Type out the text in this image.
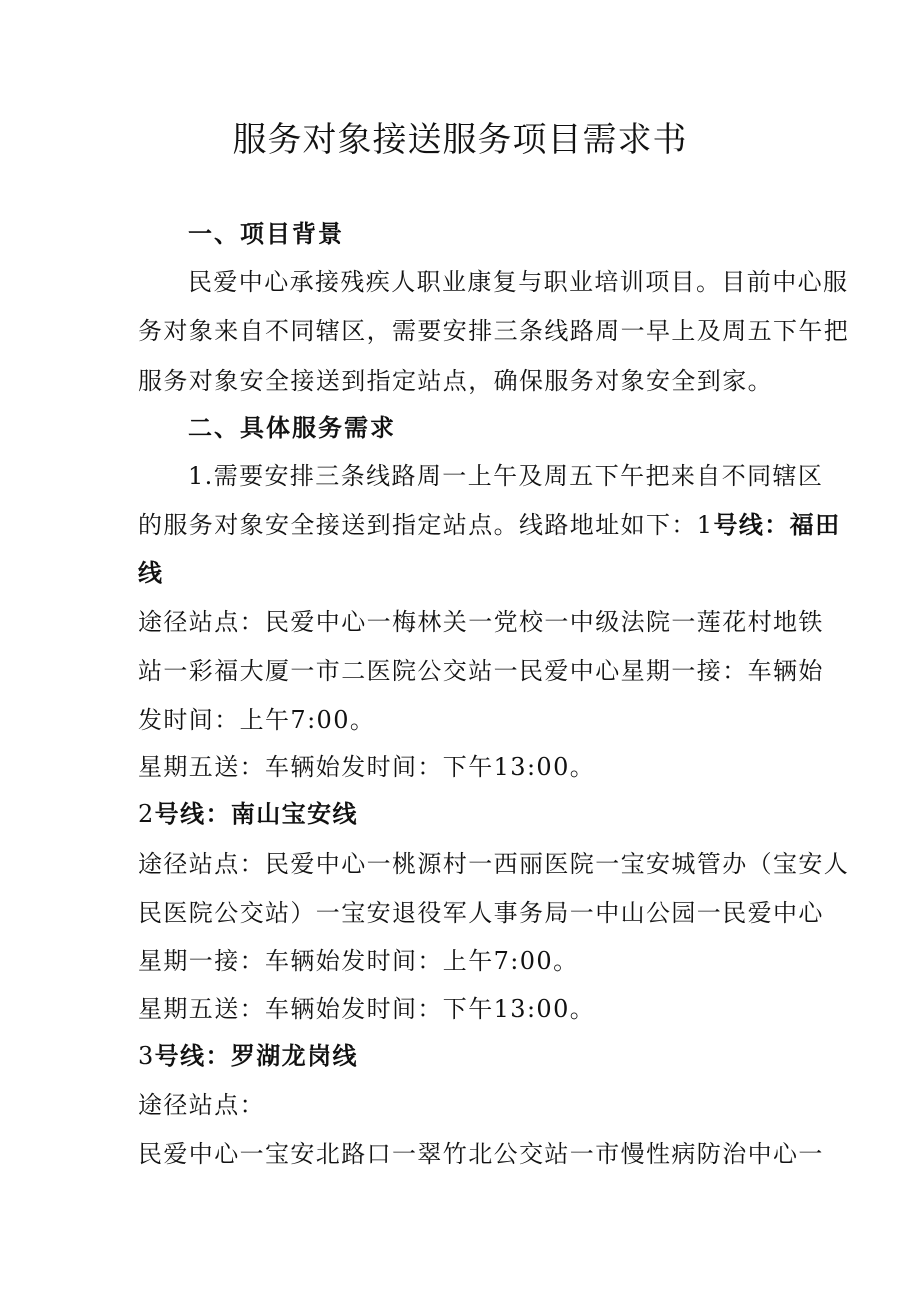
服务对象接送服务项目需求书
一、项目背景
民爱中心承接残疾人职业康复与职业培训项目。目前中心服
务对象来自不同辖区，需要安排三条线路周一早上及周五下午把
服务对象安全接送到指定站点，确保服务对象安全到家。
二、具体服务需求
1.需要安排三条线路周一上午及周五下午把来自不同辖区
的服务对象安全接送到指定站点。线路地址如下：1号线：福田
线
途径站点：民爱中心一梅林关一党校一中级法院一莲花村地铁
站一彩福大厦一市二医院公交站一民爱中心星期一接：车辆始
发时间：上午7:00。
星期五送：车辆始发时间：下午13:00。
2号线：南山宝安线
途径站点：民爱中心一桃源村一西丽医院一宝安城管办（宝安人
民医院公交站）一宝安退役军人事务局一中山公园一民爱中心
星期一接：车辆始发时间：上午7:00。
星期五送：车辆始发时间：下午13:00。
3号线：罗湖龙岗线
途径站点：
民爱中心一宝安北路口一翠竹北公交站一市慢性病防治中心一
